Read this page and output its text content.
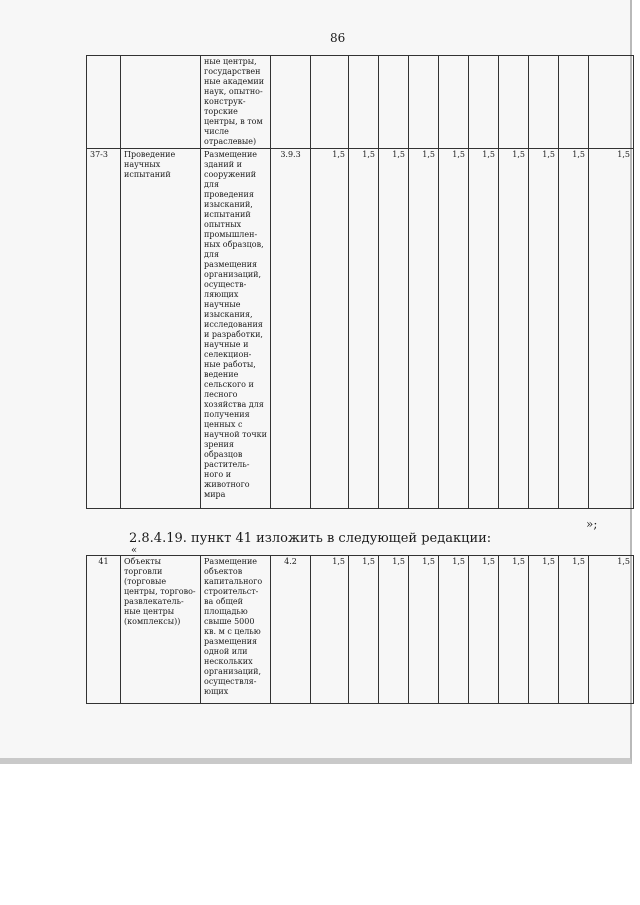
86
		ные центры, государствен ные академии наук, опытно-конструк-торские центры, в том числе отраслевые)											
37-3	Проведение научных испытаний	Размещение зданий и сооружений для проведения изысканий, испытаний опытных промышлен-ных образцов, для размещения организаций, осуществ-ляющих научные изыскания, исследования и разработки, научные и селекцион-ные работы, ведение сельского и лесного хозяйства для получения ценных с научной точки зрения образцов раститель-ного и животного мира	3.9.3	1,5	1,5	1,5	1,5	1,5	1,5	1,5	1,5	1,5	1,5
»;
2.8.4.19. пункт 41 изложить в следующей редакции:
«
41	Объекты торговли (торговые центры, торгово-развлекатель-ные центры (комплексы))	Размещение объектов капитального строительст-ва общей площадью свыше 5000 кв. м с целью размещения одной или нескольких организаций, осуществля-ющих	4.2	1,5	1,5	1,5	1,5	1,5	1,5	1,5	1,5	1,5	1,5
